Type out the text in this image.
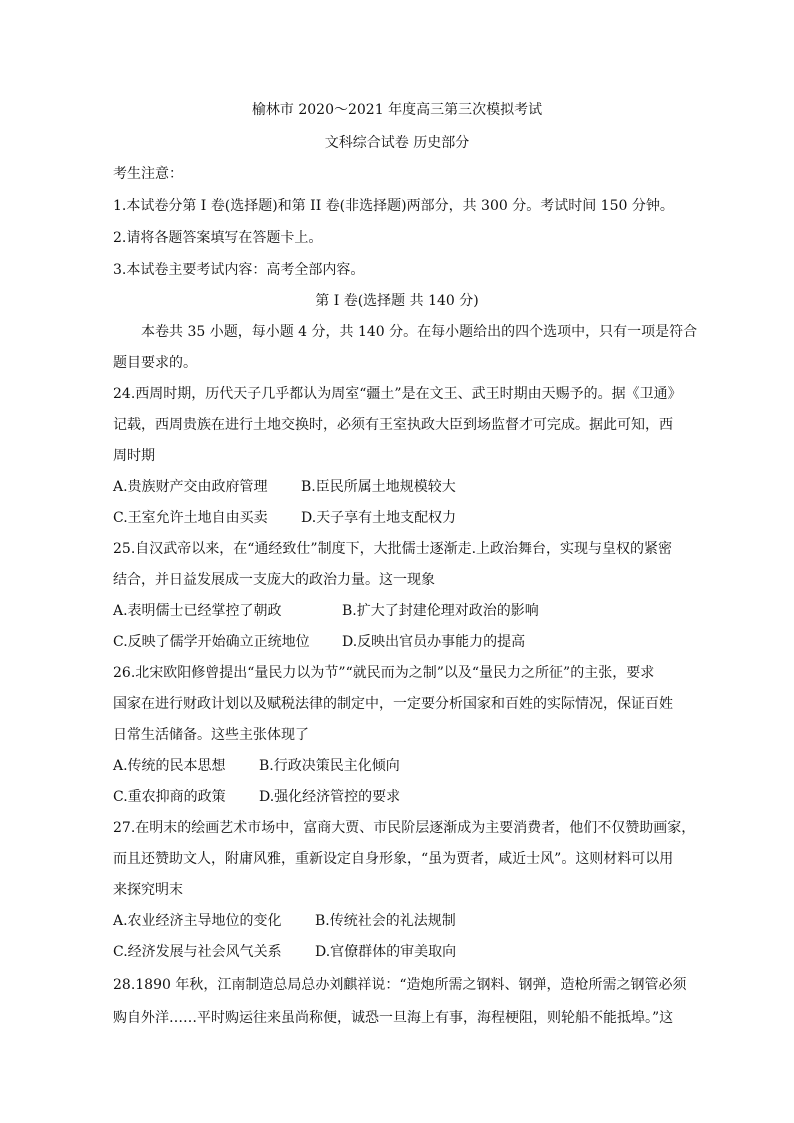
榆林市 2020～2021 年度高三第三次模拟考试
文科综合试卷 历史部分
考生注意：
1.本试卷分第 I 卷(选择题)和第 II 卷(非选择题)两部分，共 300 分。考试时间 150 分钟。
2.请将各题答案填写在答题卡上。
3.本试卷主要考试内容：高考全部内容。
第 I 卷(选择题 共 140 分)
本卷共 35 小题，每小题 4 分，共 140 分。在每小题给出的四个选项中，只有一项是符合
题目要求的。
24.西周时期，历代天子几乎都认为周室“疆土”是在文王、武王时期由天赐予的。据《卫通》
记载，西周贵族在进行土地交换时，必须有王室执政大臣到场监督才可完成。据此可知，西
周时期
A.贵族财产交由政府管理 B.臣民所属土地规模较大
C.王室允许土地自由买卖 D.天子享有土地支配权力
25.自汉武帝以来，在“通经致仕”制度下，大批儒士逐渐走.上政治舞台，实现与皇权的紧密
结合，并日益发展成一支庞大的政治力量。这一现象
A.表明儒士已经掌控了朝政	B.扩大了封建伦理对政治的影响
C.反映了儒学开始确立正统地位 D.反映出官员办事能力的提高
26.北宋欧阳修曾提出“量民力以为节”“就民而为之制”以及“量民力之所征”的主张，要求
国家在进行财政计划以及赋税法律的制定中，一定要分析国家和百姓的实际情况，保证百姓
日常生活储备。这些主张体现了
A.传统的民本思想 B.行政决策民主化倾向
C.重农抑商的政策 D.强化经济管控的要求
27.在明末的绘画艺术市场中，富商大贾、市民阶层逐渐成为主要消费者，他们不仅赞助画家，
而且还赞助文人，附庸风雅，重新设定自身形象，“虽为贾者，咸近士风”。这则材料可以用
来探究明末
A.农业经济主导地位的变化 B.传统社会的礼法规制
C.经济发展与社会风气关系 D.官僚群体的审美取向
28.1890 年秋，江南制造总局总办刘麒祥说：“造炮所需之钢料、钢弹，造枪所需之钢管必须
购自外洋……平时购运往来虽尚称便，诚恐一旦海上有事，海程梗阻，则轮船不能抵埠。”这
